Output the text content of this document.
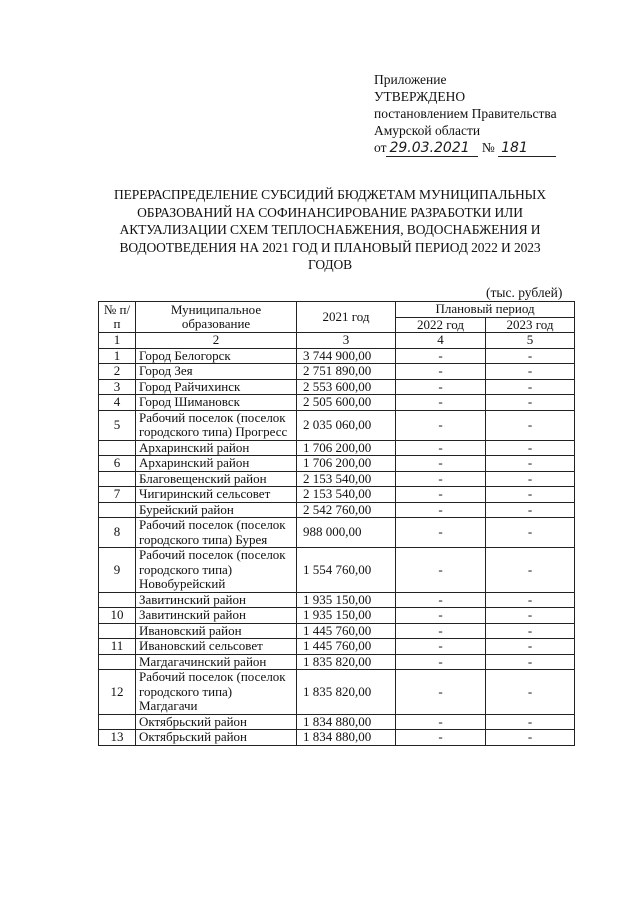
Приложение
УТВЕРЖДЕНО
постановлением Правительства
Амурской области
от 29.03.2021 № 181
ПЕРЕРАСПРЕДЕЛЕНИЕ СУБСИДИЙ БЮДЖЕТАМ МУНИЦИПАЛЬНЫХ ОБРАЗОВАНИЙ НА СОФИНАНСИРОВАНИЕ РАЗРАБОТКИ ИЛИ АКТУАЛИЗАЦИИ СХЕМ ТЕПЛОСНАБЖЕНИЯ, ВОДОСНАБЖЕНИЯ И ВОДООТВЕДЕНИЯ НА 2021 ГОД И ПЛАНОВЫЙ ПЕРИОД 2022 И 2023 ГОДОВ
(тыс. рублей)
№ п/п	Муниципальное образование	2021 год	Плановый период	
			2022 год	2023 год
1	2	3	4	5
1	Город Белогорск	3 744 900,00	-	-
2	Город Зея	2 751 890,00	-	-
3	Город Райчихинск	2 553 600,00	-	-
4	Город Шимановск	2 505 600,00	-	-
5	Рабочий поселок (поселок городского типа) Прогресс	2 035 060,00	-	-
	Архаринский район	1 706 200,00	-	-
6	Архаринский район	1 706 200,00	-	-
	Благовещенский район	2 153 540,00	-	-
7	Чигиринский сельсовет	2 153 540,00	-	-
	Бурейский район	2 542 760,00	-	-
8	Рабочий поселок (поселок городского типа) Бурея	988 000,00	-	-
9	Рабочий поселок (поселок городского типа) Новобурейский	1 554 760,00	-	-
	Завитинский район	1 935 150,00	-	-
10	Завитинский район	1 935 150,00	-	-
	Ивановский район	1 445 760,00	-	-
11	Ивановский сельсовет	1 445 760,00	-	-
	Магдагачинский район	1 835 820,00	-	-
12	Рабочий поселок (поселок городского типа) Магдагачи	1 835 820,00	-	-
	Октябрьский район	1 834 880,00	-	-
13	Октябрьский район	1 834 880,00	-	-
